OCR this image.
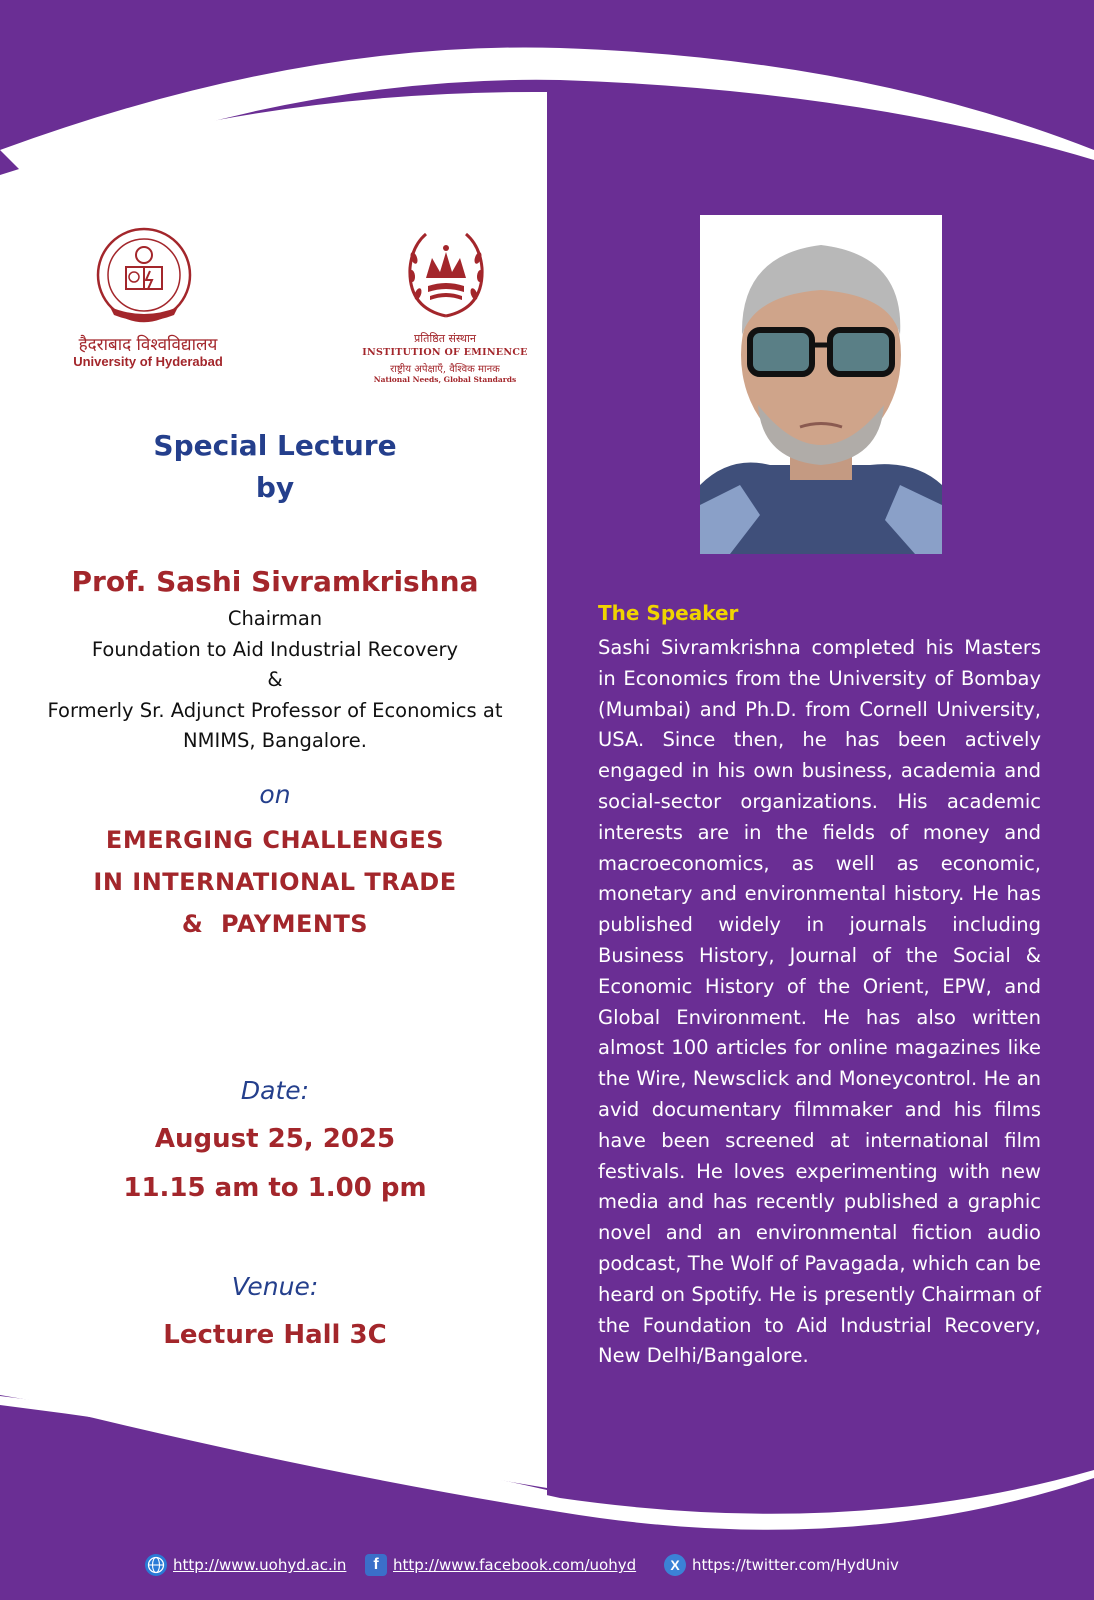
हैदराबाद विश्वविद्यालय
University of Hyderabad
प्रतिष्ठित संस्थान
INSTITUTION OF EMINENCE
राष्ट्रीय अपेक्षाएँ, वैश्विक मानक
National Needs, Global Standards
Special Lecture
by
Prof. Sashi Sivramkrishna
Chairman
Foundation to Aid Industrial Recovery
&
Formerly Sr. Adjunct Professor of Economics at
NMIMS, Bangalore.
on
EMERGING CHALLENGES
IN INTERNATIONAL TRADE
&  PAYMENTS
Date:
August 25, 2025
11.15 am to 1.00 pm
Venue:
Lecture Hall 3C
The Speaker
Sashi Sivramkrishna completed his Masters in Economics from the University of Bombay (Mumbai) and Ph.D. from Cornell University, USA. Since then, he has been actively engaged in his own business, academia and social-sector organizations. His academic interests are in the fields of money and macroeconomics, as well as economic, monetary and environmental history. He has published widely in journals including Business History, Journal of the Social & Economic History of the Orient, EPW, and Global Environment. He has also written almost 100 articles for online magazines like the Wire, Newsclick and Moneycontrol. He an avid documentary filmmaker and his films have been screened at international film festivals. He loves experimenting with new media and has recently published a graphic novel and an environmental fiction audio podcast, The Wolf of Pavagada, which can be heard on Spotify. He is presently Chairman of the Foundation to Aid Industrial Recovery, New Delhi/Bangalore.
http://www.uohyd.ac.in f http://www.facebook.com/uohyd X https://twitter.com/HydUniv
